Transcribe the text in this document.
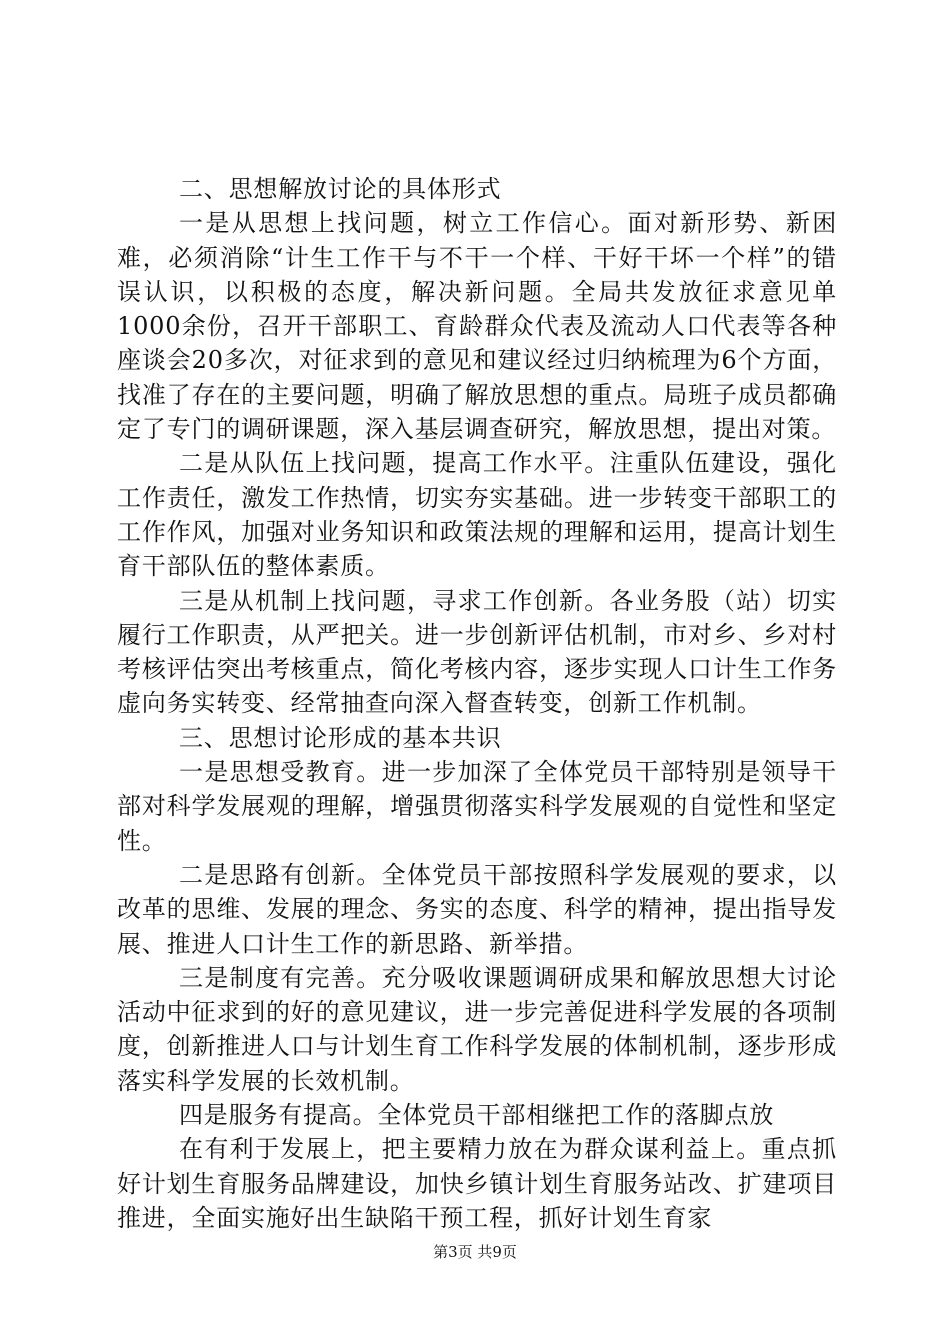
二、思想解放讨论的具体形式

一是从思想上找问题，树立工作信心。面对新形势、新困难，必须消除“计生工作干与不干一个样、干好干坏一个样”的错误认识，以积极的态度，解决新问题。全局共发放征求意见单1000余份，召开干部职工、育龄群众代表及流动人口代表等各种座谈会20多次，对征求到的意见和建议经过归纳梳理为6个方面，找准了存在的主要问题，明确了解放思想的重点。局班子成员都确定了专门的调研课题，深入基层调查研究，解放思想，提出对策。

二是从队伍上找问题，提高工作水平。注重队伍建设，强化工作责任，激发工作热情，切实夯实基础。进一步转变干部职工的工作作风，加强对业务知识和政策法规的理解和运用，提高计划生育干部队伍的整体素质。

三是从机制上找问题，寻求工作创新。各业务股（站）切实履行工作职责，从严把关。进一步创新评估机制，市对乡、乡对村考核评估突出考核重点，简化考核内容，逐步实现人口计生工作务虚向务实转变、经常抽查向深入督查转变，创新工作机制。

三、思想讨论形成的基本共识

一是思想受教育。进一步加深了全体党员干部特别是领导干部对科学发展观的理解，增强贯彻落实科学发展观的自觉性和坚定性。

二是思路有创新。全体党员干部按照科学发展观的要求，以改革的思维、发展的理念、务实的态度、科学的精神，提出指导发展、推进人口计生工作的新思路、新举措。

三是制度有完善。充分吸收课题调研成果和解放思想大讨论活动中征求到的好的意见建议，进一步完善促进科学发展的各项制度，创新推进人口与计划生育工作科学发展的体制机制，逐步形成落实科学发展的长效机制。

四是服务有提高。全体党员干部相继把工作的落脚点放

在有利于发展上，把主要精力放在为群众谋利益上。重点抓好计划生育服务品牌建设，加快乡镇计划生育服务站改、扩建项目推进，全面实施好出生缺陷干预工程，抓好计划生育家

第3页 共9页
